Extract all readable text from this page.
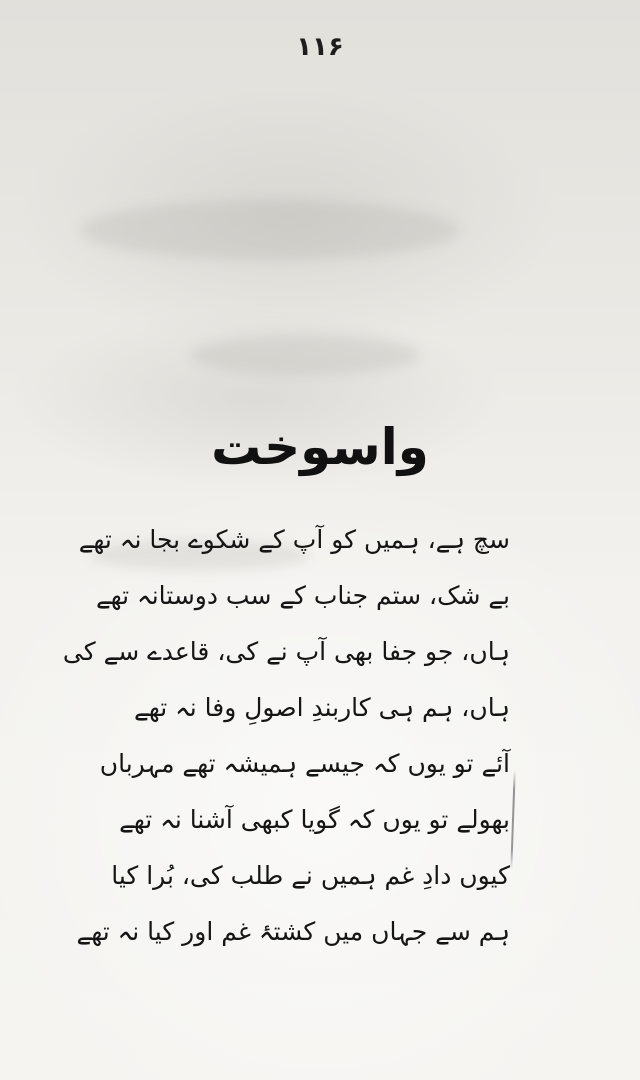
۱۱۶
واسوخت
سچ ہے، ہمیں کو آپ کے شکوے بجا نہ تھے
بے شک، ستم جناب کے سب دوستانہ تھے
ہاں، جو جفا بھی آپ نے کی، قاعدے سے کی
ہاں، ہم ہی کاربندِ اصولِ وفا نہ تھے
آئے تو یوں کہ جیسے ہمیشہ تھے مہرباں
بھولے تو یوں کہ گویا کبھی آشنا نہ تھے
کیوں دادِ غم ہمیں نے طلب کی، بُرا کیا
ہم سے جہاں میں کشتۂ غم اور کیا نہ تھے
